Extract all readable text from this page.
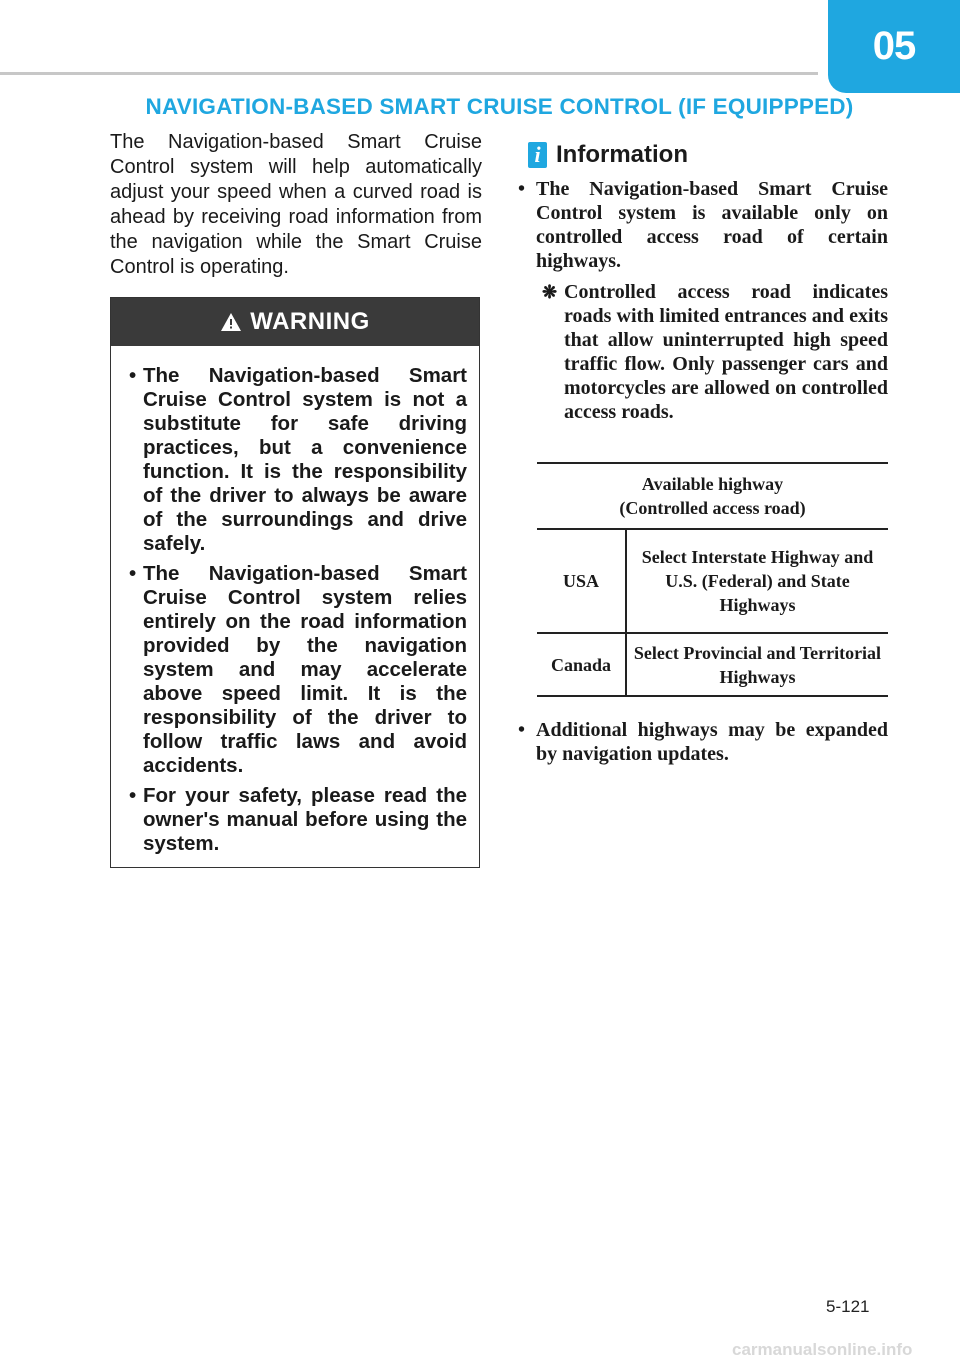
05
NAVIGATION-BASED SMART CRUISE CONTROL (IF EQUIPPPED)
The Navigation-based Smart Cruise Control system will help automatically adjust your speed when a curved road is ahead by receiving road information from the navigation while the Smart Cruise Control is operating.
WARNING
• The Navigation-based Smart Cruise Control system is not a substitute for safe driving practices, but a convenience function. It is the responsibility of the driver to always be aware of the surroundings and drive safely.
• The Navigation-based Smart Cruise Control system relies entirely on the road information provided by the navigation system and may accelerate above speed limit. It is the responsibility of the driver to follow traffic laws and avoid accidents.
• For your safety, please read the owner's manual before using the system.
i Information
• The Navigation-based Smart Cruise Control system is available only on controlled access road of certain highways.
❋ Controlled access road indicates roads with limited entrances and exits that allow uninterrupted high speed traffic flow. Only passenger cars and motorcycles are allowed on controlled access roads.
Available highway
(Controlled access road)	

USA	Select Interstate Highway and U.S. (Federal) and State Highways
Canada	Select Provincial and Territorial Highways
• Additional highways may be expanded by navigation updates.
5-121
carmanualsonline.info
